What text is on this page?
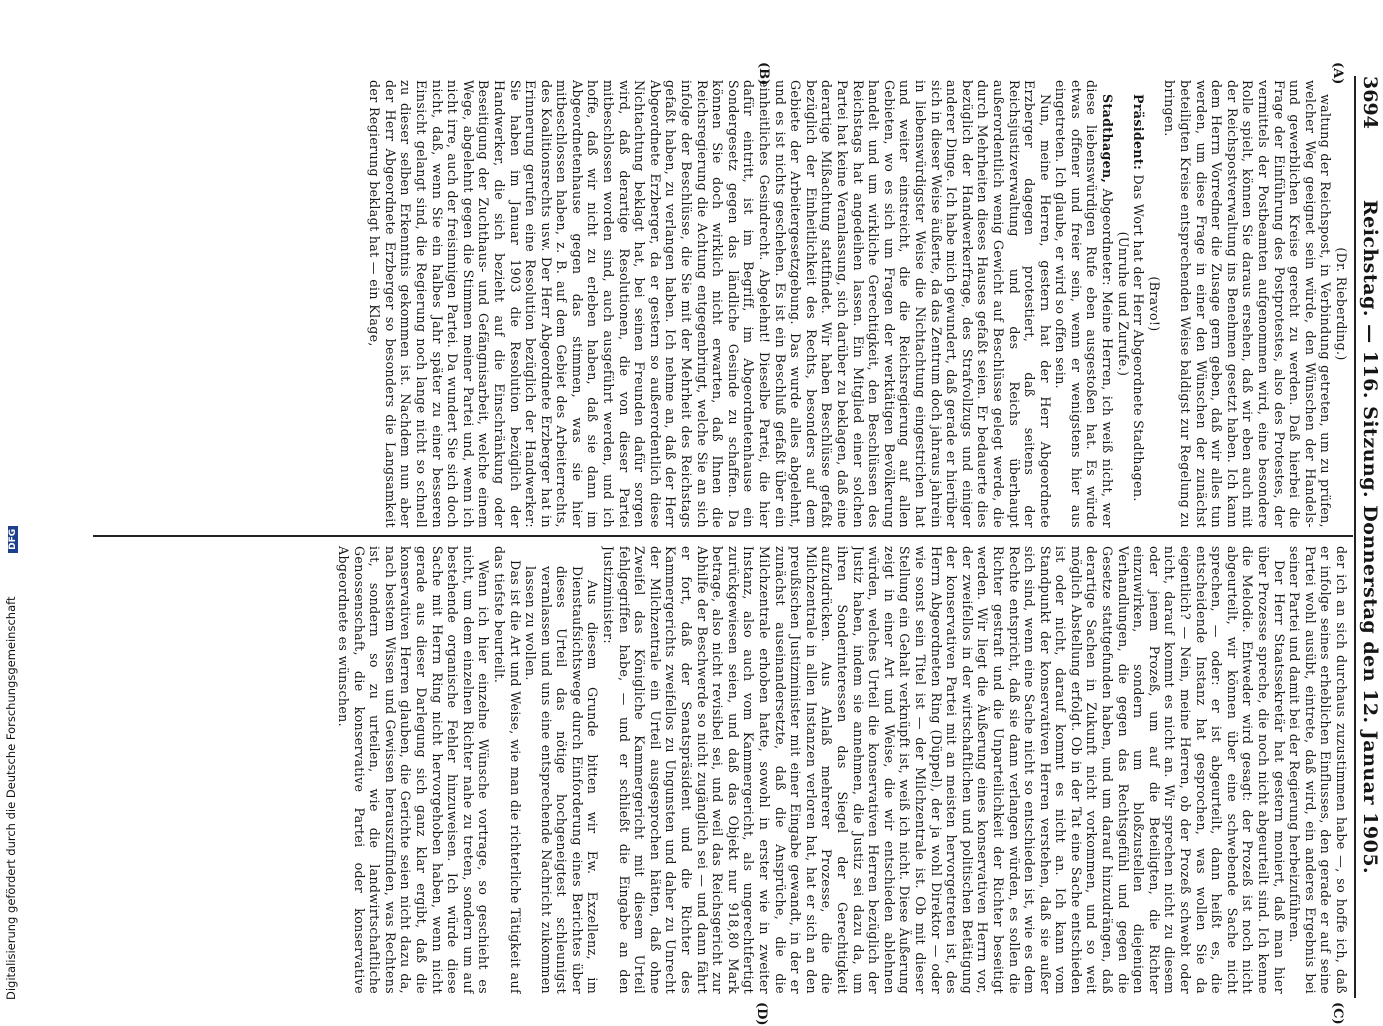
3694
Reichstag. — 116. Sitzung. Donnerstag den 12. Januar 1905.
(A)
(B)
(C)
(D)

(Dr. Rieberding.)

waltung der Reichspost, in Verbindung getreten, um zu prüfen, welcher Weg geeignet sein würde, den Wünschen der Handels- und gewerblichen Kreise gerecht zu werden. Daß hierbei die Frage der Einführung des Postprotestes, also des Protestes, der vermittels der Postbeamten aufgenommen wird, eine besondere Rolle spielt, können Sie daraus ersehen, daß wir eben auch mit der Reichspostverwaltung ins Benehmen gesetzt haben. Ich kann dem Herrn Vorredner die Zusage gern geben, daß wir alles tun werden, um diese Frage in einer den Wünschen der zunächst beteiligten Kreise entsprechenden Weise baldigst zur Regelung zu bringen.

(Bravo!)

Präsident: Das Wort hat der Herr Abgeordnete Stadthagen.

(Unruhe und Zurufe.)

Stadthagen, Abgeordneter: Meine Herren, ich weiß nicht, wer diese liebenswürdigen Rufe eben ausgestoßen hat. Es würde etwas offener und freier sein, wenn er wenigstens hier aus eingetreten. Ich glaube, er wird so offen sein.

Nun, meine Herren, gestern hat der Herr Abgeordnete Erzberger dagegen protestiert, daß seitens der Reichsjustizverwaltung und des Reichs überhaupt außerordentlich wenig Gewicht auf Beschlüsse gelegt werde, die durch Mehrheiten dieses Hauses gefaßt seien. Er bedauerte dies bezüglich der Handwerkerfrage, des Strafvollzugs und einiger anderer Dinge. Ich habe mich gewundert, daß gerade er hierüber sich in dieser Weise äußerte, da das Zentrum doch jahraus jahrein in liebenswürdigster Weise die Nichtachtung eingestrichen hat und weiter einstreicht, die die Reichsregierung auf allen Gebieten, wo es sich um Fragen der werktätigen Bevölkerung handelt und um wirkliche Gerechtigkeit, den Beschlüssen des Reichstags hat angedeihen lassen. Ein Mitglied einer solchen Partei hat keine Veranlassung, sich darüber zu beklagen, daß eine derartige Mißachtung stattfindet. Wir haben Beschlüsse gefaßt bezüglich der Einheitlichkeit des Rechts, besonders auf dem Gebiete der Arbeitergesetzgebung. Das wurde alles abgelehnt, und es ist nichts geschehen. Es ist ein Beschluß gefaßt über ein einheitliches Gesindrecht. Abgelehnt! Dieselbe Partei, die hier dafür eintritt, ist im Begriff, im Abgeordnetenhause ein Sondergesetz gegen das ländliche Gesinde zu schaffen. Da können Sie doch wirklich nicht erwarten, daß Ihnen die Reichsregierung die Achtung entgegenbringt, welche Sie an sich infolge der Beschlüsse, die Sie mit der Mehrheit des Reichstags gefaßt haben, zu verlangen haben. Ich nehme an, daß der Herr Abgeordnete Erzberger, da er gestern so außerordentlich diese Nichtachtung beklagt hat, bei seinen Freunden dafür sorgen wird, daß derartige Resolutionen, die von dieser Partei mitbeschlossen worden sind, auch ausgeführt werden, und ich hoffe, daß wir nicht zu erleben haben, daß sie dann im Abgeordnetenhause gegen das stimmen, was sie hier mitbeschlossen haben, z. B. auf dem Gebiet des Arbeiterrechts, des Koalitionsrechts usw. Der Herr Abgeordnete Erzberger hat in Erinnerung gerufen eine Resolution bezüglich der Handwerker: Sie haben im Januar 1903 die Resolution bezüglich der Handwerker, die sich bezieht auf die Einschränkung oder Beseitigung der Zuchthaus- und Gefängnisarbeit, welche einem Wege, abgelehnt gegen die Stimmen meiner Partei und, wenn ich nicht irre, auch der freisinnigen Partei. Da wundert Sie sich doch nicht, daß, wenn Sie ein halbes Jahr später zu einer besseren Einsicht gelangt sind, die Regierung noch lange nicht so schnell zu dieser selben Erkenntnis gekommen ist. Nachdem nun aber der Herr Abgeordnete Erzberger so besonders die Langsamkeit der Regierung beklagt hat — ein Klage,

der ich an sich durchaus zuzustimmen habe —, so hoffe ich, daß er infolge seines erheblichen Einflusses, den gerade er auf seine Partei wohl ausübt, eintrete, daß wird, ein anderes Ergebnis bei seiner Partei und damit bei der Regierung herbeizuführen.

Der Herr Staatssekretär hat gestern moniert, daß man hier über Prozesse spreche, die noch nicht abgeurteilt sind. Ich kenne die Melodie. Entweder wird gesagt: der Prozeß ist noch nicht abgeurteilt, wir können über eine schwebende Sache nicht sprechen, — oder: er ist abgeurteilt, dann heißt es, die entscheidende Instanz hat gesprochen, was wollen Sie da eigentlich? — Nein, meine Herren, ob der Prozeß schwebt oder nicht, darauf kommt es nicht an. Wir sprechen nicht zu diesem oder jenem Prozeß, um auf die Beteiligten, die Richter einzuwirken, sondern um bloßzustellen diejenigen Verhandlungen, die gegen das Rechtsgefühl und gegen die Gesetze stattgefunden haben, und um darauf hinzudrängen, daß derartige Sachen in Zukunft nicht vorkommen, und so weit möglich Abstellung erfolgt. Ob in der Tat eine Sache entschieden ist oder nicht, darauf kommt es nicht an. Ich kann vom Standpunkt der konservativen Herren verstehen, daß sie außer sich sind, wenn eine Sache nicht so entschieden ist, wie es dem Rechte entspricht, daß sie dann verlangen würden, es sollen die Richter gestraft und die Unparteilichkeit der Richter beseitigt werden. Wir liegt die Äußerung eines konservativen Herrn vor, der zweifellos in der wirtschaftlichen und politischen Betätigung der konservativen Partei mit an meisten hervorgetreten ist, des Herrn Abgeordneten Ring (Düppel), der ja wohl Direktor — oder wie sonst sein Titel ist — der Milchzentrale ist. Ob mit dieser Stellung ein Gehalt verknüpft ist, weiß ich nicht. Diese Äußerung zeigt in einer Art und Weise, die wir entschieden ablehnen würden, welches Urteil die konservativen Herren bezüglich der Justiz haben, indem sie annehmen, die Justiz sei dazu da, um ihren Sonderinteressen das Siegel der Gerechtigkeit aufzudrücken. Aus Anlaß mehrerer Prozesse, die die Milchzentrale in allen Instanzen verloren hat, hat er sich an den preußischen Justizminister mit einer Eingabe gewandt, in der er zunächst auseinandersetzte, daß die Ansprüche, die die Milchzentrale erhoben hatte, sowohl in erster wie in zweiter Instanz, also auch vom Kammergericht, als ungerechtfertigt zurückgewiesen seien, und daß das Objekt nur 918,80 Mark betrage, also nicht revisibel sei, und weil das Reichsgericht zur Abhilfe der Beschwerde so nicht zugänglich sei — und dann fährt er fort, daß der Senatspräsident und die Richter des Kammergerichts zweifellos zu Ungunsten und daher zu Unrecht der Milchzentrale ein Urteil ausgesprochen hätten, daß ohne Zweifel das Königliche Kammergericht mit diesem Urteil fehlgegriffen habe, — und er schließt die Eingabe an den Justizminister:

Aus diesem Grunde bitten wir Ew. Exzellenz, im Dienstaufsichtswege durch Einforderung eines Berichtes über dieses Urteil das nötige hochgeneigtest schleunigst veranlassen und uns eine entsprechende Nachricht zukommen lassen zu wollen.

Das ist die Art und Weise, wie man die richterliche Tätigkeit auf das tiefste beurteilt.

Wenn ich hier einzelne Wünsche vortrage, so geschieht es nicht, um dem einzelnen Richter nahe zu treten, sondern um auf bestehende organische Fehler hinzuweisen. Ich würde diese Sache mit Herrn Ring nicht hervorgehoben haben, wenn nicht gerade aus dieser Darlegung sich ganz klar ergibt, daß die konservativen Herren glauben, die Gerichte seien nicht dazu da, nach bestem Wissen und Gewissen herauszufinden, was Rechtens ist, sondern so zu urteilen, wie die landwirtschaftliche Genossenschaft, die konservative Partei oder konservative Abgeordnete es wünschen.

Digitalisierung gefördert durch die Deutsche Forschungsgemeinschaft DFG
